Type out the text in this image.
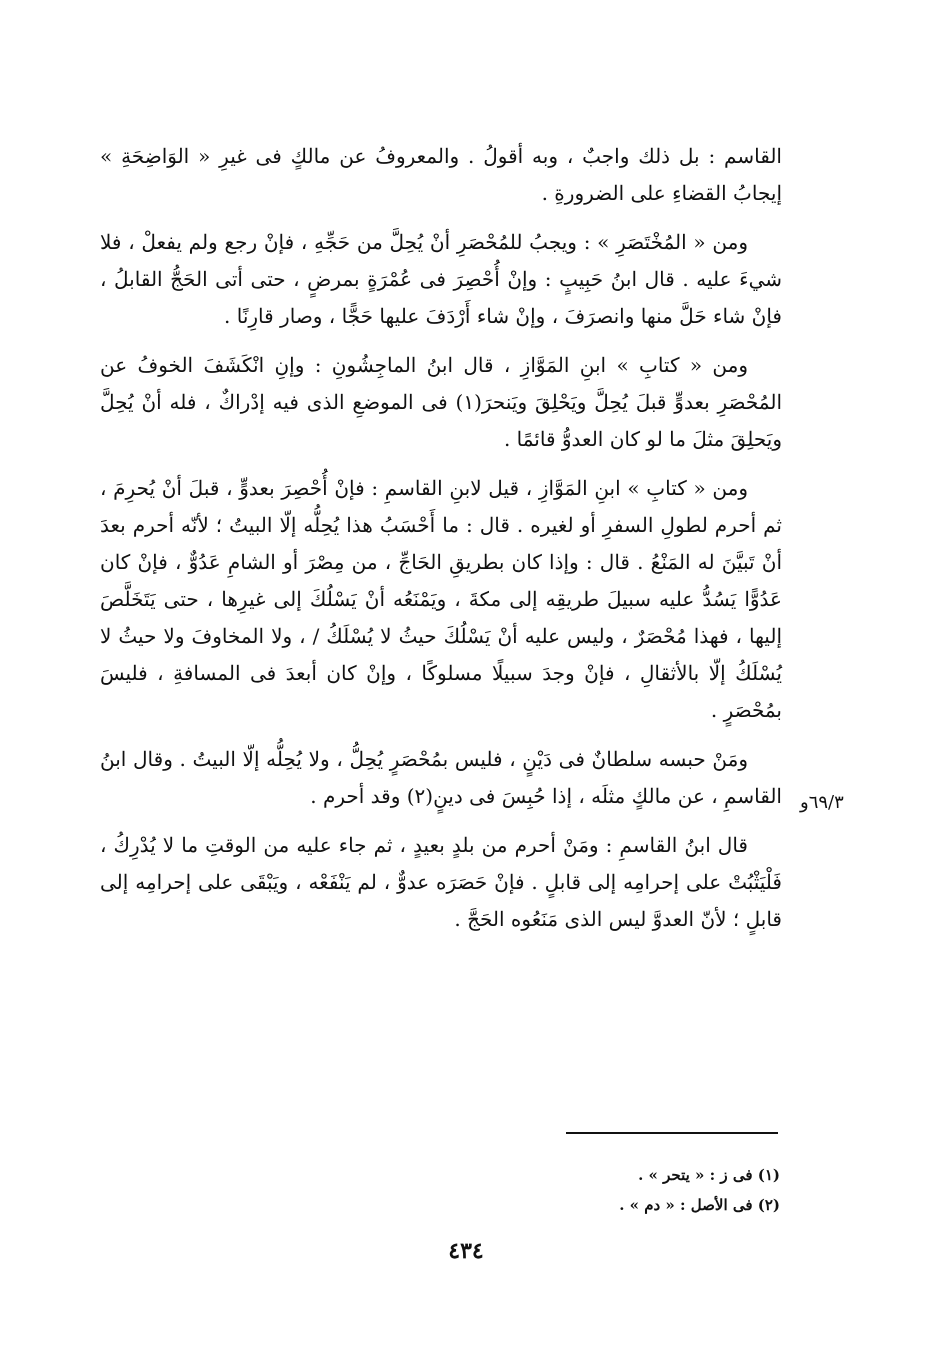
القاسم : بل ذلك واجبٌ ، وبه أقولُ . والمعروفُ عن مالكٍ فى غيرِ « الوَاضِحَةِ » إيجابُ القضاءِ على الضرورةِ .

ومن « المُخْتَصَرِ » : ويجبُ للمُحْصَرِ أنْ يُحِلَّ من حَجِّهِ ، فإنْ رجع ولم يفعلْ ، فلا شيءَ عليه . قال ابنُ حَبِيبٍ : وإنْ أُحْصِرَ فى عُمْرَةٍ بمرضٍ ، حتى أتى الحَجُّ القابلُ ، فإنْ شاء حَلَّ منها وانصرَفَ ، وإنْ شاء أَرْدَفَ عليها حَجًّا ، وصار قارِنًا .

ومن « كتابِ » ابنِ المَوَّازِ ، قال ابنُ الماجِشُونِ : وإنِ انْكَشَفَ الخوفُ عن المُحْصَرِ بعدوٍّ قبلَ يُحِلَّ ويَحْلِقَ ويَنحرَ(١) فى الموضعِ الذى فيه إدْراكٌ ، فله أنْ يُحِلَّ ويَحلِقَ مثلَ ما لو كان العدوُّ قائمًا .

ومن « كتابِ » ابنِ المَوَّازِ ، قيل لابنِ القاسمِ : فإنْ أُحْصِرَ بعدوٍّ ، قبلَ أنْ يُحرِمَ ، ثم أحرم لطولِ السفرِ أو لغيره . قال : ما أَحْسَبُ هذا يُحِلُّه إلّا البيتُ ؛ لأنّه أحرم بعدَ أنْ تَبيَّنَ له المَنْعُ . قال : وإذا كان بطريقِ الحَاجِّ ، من مِصْرَ أو الشامِ عَدُوٌّ ، فإنْ كان عَدُوًّا يَسُدُّ عليه سبيلَ طريقِه إلى مكةَ ، ويَمْنَعُه أنْ يَسْلُكَ إلى غيرِها ، حتى يَتَخَلَّصَ إليها ، فهذا مُحْصَرٌ ، وليس عليه أنْ يَسْلُكَ حيثُ لا يُسْلَكُ / ، ولا المخاوفَ ولا حيثُ لا يُسْلَكُ إلّا بالأثقالِ ، فإنْ وجدَ سبيلًا مسلوكًا ، وإنْ كان أبعدَ فى المسافةِ ، فليسَ بمُحْصَرٍ .

ومَنْ حبسه سلطانٌ فى دَيْنٍ ، فليس بمُحْصَرٍ يُحِلُّ ، ولا يُحِلُّه إلّا البيتُ . وقال ابنُ القاسمِ ، عن مالكٍ مثلَه ، إذا حُبِسَ فى دينٍ(٢) وقد أحرم .

قال ابنُ القاسمِ : ومَنْ أحرم من بلدٍ بعيدٍ ، ثم جاء عليه من الوقتِ ما لا يُدْرِكُ ، فَلْيَثْبُتْ على إحرامِه إلى قابلٍ . فإنْ حَصَرَه عدوٌّ ، لم يَنْفَعْه ، ويَبْقَى على إحرامِه إلى قابلٍ ؛ لأنّ العدوَّ ليس الذى مَنَعُوه الحَجَّ .

٦٩/٣و

(١) فى ز : « يتحر » .

(٢) فى الأصل : « دم » .

٤٣٤
